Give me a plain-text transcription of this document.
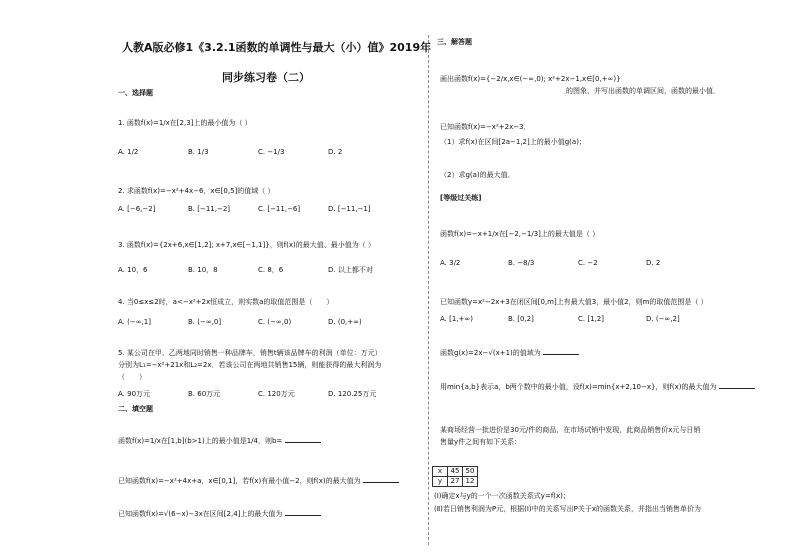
人教A版必修1《3.2.1函数的单调性与最大（小）值》2019年
同步练习卷（二）
一、选择题
1. 函数f(x)=1/x在[2,3]上的最小值为（ ）
A. 1/2	B. 1/3	C. −1/3	D. 2
2. 求函数f(x)=−x²+4x−6，x∈[0,5]的值域（ ）
A. [−6,−2]	B. [−11,−2]	C. [−11,−6]	D. [−11,−1]
3. 函数f(x)={2x+6,x∈[1,2]; x+7,x∈[−1,1]}，则f(x)的最大值、最小值为（ ）
A. 10，6	B. 10，8	C. 8，6	D. 以上都不对
4. 当0≤x≤2时，a<−x²+2x恒成立，则实数a的取值范围是（　　）
A. (−∞,1]	B. (−∞,0]	C. (−∞,0)	D. (0,+∞)
5. 某公司在甲、乙两地同时销售一种品牌车，销售t辆该品牌车的利润（单位：万元）
分别为L₁=−x²+21x和L₂=2x．若该公司在两地共销售15辆，则能获得的最大利润为
（　　）
A. 90万元	B. 60万元	C. 120万元	D. 120.25万元
二、填空题
函数f(x)=1/x在[1,b](b>1)上的最小值是1/4，则b=
已知函数f(x)=−x²+4x+a，x∈[0,1]，若f(x)有最小值−2，则f(x)的最大值为
已知函数f(x)=√(6−x)−3x在区间[2,4]上的最大值为
三、解答题
画出函数f(x)={−2/x,x∈(−∞,0); x²+2x−1,x∈[0,+∞)}
的图象，并写出函数的单调区间，函数的最小值．
已知函数f(x)=−x²+2x−3．
（1）求f(x)在区间[2a−1,2]上的最小值g(a)；
（2）求g(a)的最大值．
[等级过关练]
函数f(x)=−x+1/x在[−2,−1/3]上的最大值是（ ）
A. 3/2	B. −8/3	C. −2	D. 2
已知函数y=x²−2x+3在闭区间[0,m]上有最大值3，最小值2，则m的取值范围是（ ）
A. [1,+∞)	B. [0,2]	C. [1,2]	D. (−∞,2]
函数g(x)=2x−√(x+1)的值域为
用min{a,b}表示a，b两个数中的最小值，设f(x)=min{x+2,10−x}，则f(x)的最大值为
某商场经营一批进价是30元/件的商品，在市场试销中发现，此商品销售价x元与日销
售量y件之间有如下关系：
x	45	50
y	27	12
(Ⅰ)确定x与y的一个一次函数关系式y=f(x)；
(Ⅱ)若日销售利润为P元，根据(Ⅰ)中的关系写出P关于x的函数关系，并指出当销售单价为
